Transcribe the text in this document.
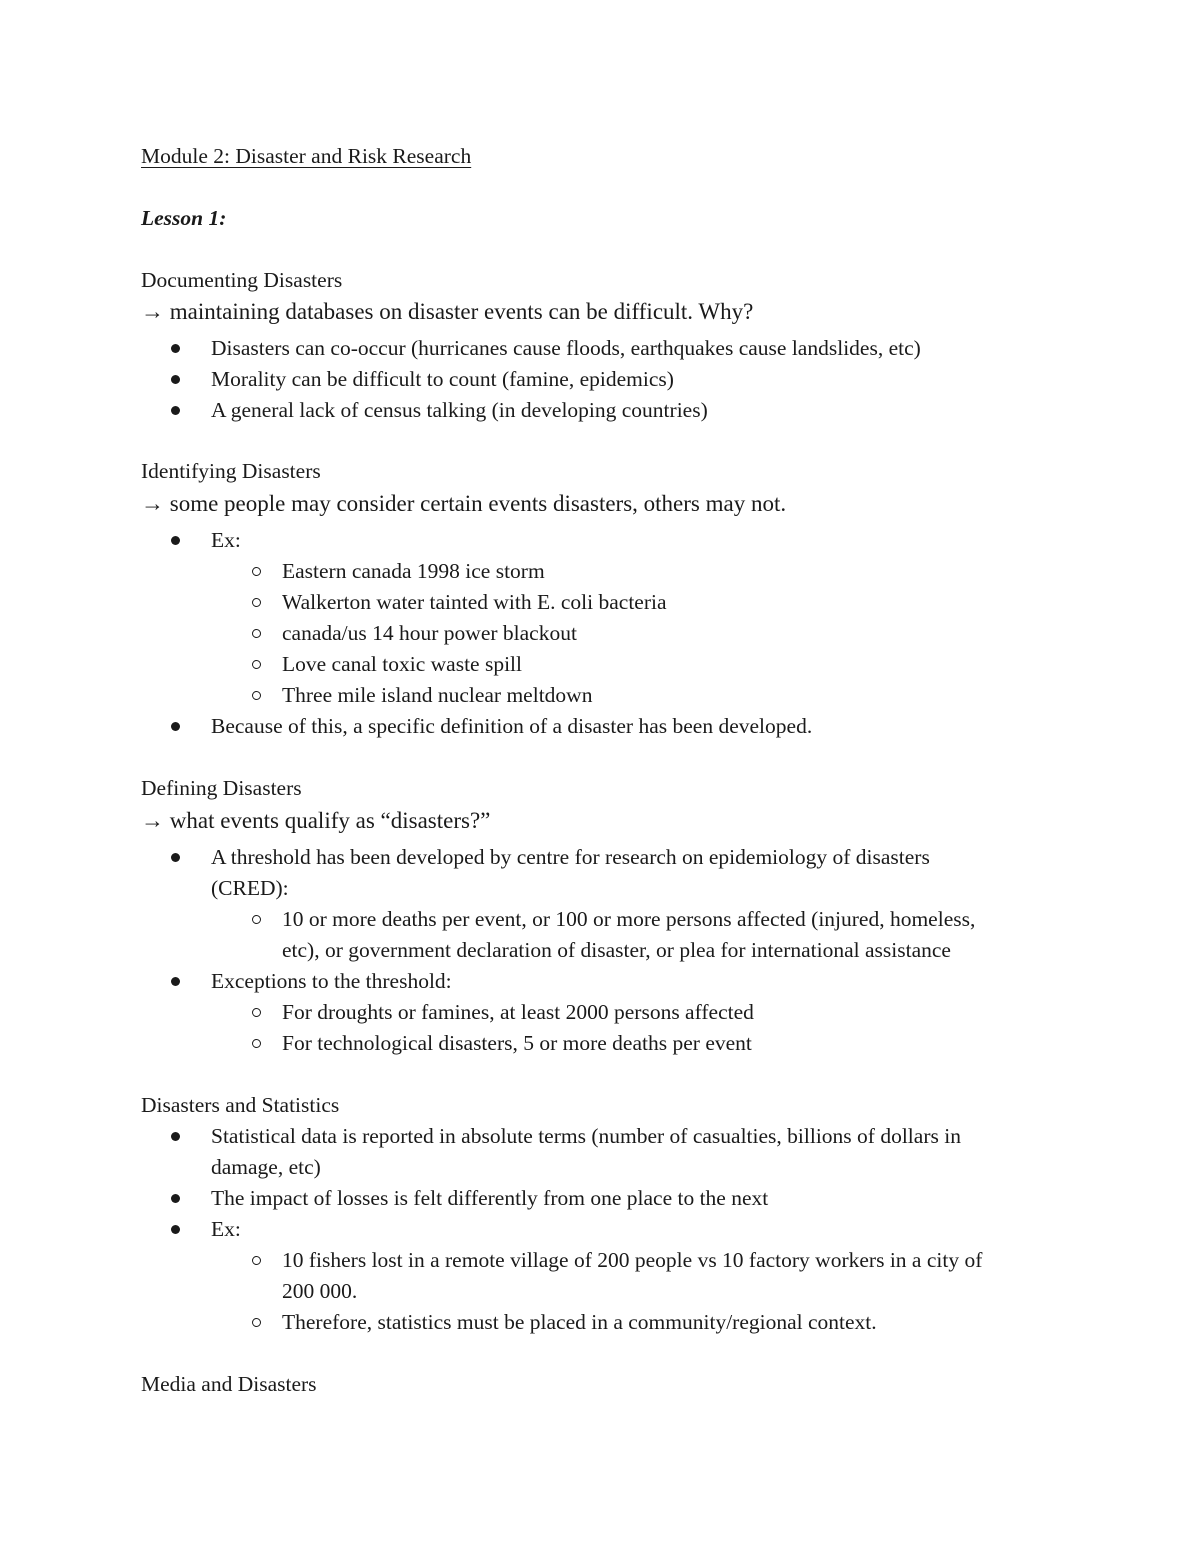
Module 2: Disaster and Risk Research
Lesson 1:
Documenting Disasters
→ maintaining databases on disaster events can be difficult. Why?
Disasters can co-occur (hurricanes cause floods, earthquakes cause landslides, etc)
Morality can be difficult to count (famine, epidemics)
A general lack of census talking (in developing countries)
Identifying Disasters
→ some people may consider certain events disasters, others may not.
Ex:
Eastern canada 1998 ice storm
Walkerton water tainted with E. coli bacteria
canada/us 14 hour power blackout
Love canal toxic waste spill
Three mile island nuclear meltdown
Because of this, a specific definition of a disaster has been developed.
Defining Disasters
→ what events qualify as “disasters?”
A threshold has been developed by centre for research on epidemiology of disasters
(CRED):
10 or more deaths per event, or 100 or more persons affected (injured, homeless,
etc), or government declaration of disaster, or plea for international assistance
Exceptions to the threshold:
For droughts or famines, at least 2000 persons affected
For technological disasters, 5 or more deaths per event
Disasters and Statistics
Statistical data is reported in absolute terms (number of casualties, billions of dollars in
damage, etc)
The impact of losses is felt differently from one place to the next
Ex:
10 fishers lost in a remote village of 200 people vs 10 factory workers in a city of
200 000.
Therefore, statistics must be placed in a community/regional context.
Media and Disasters
